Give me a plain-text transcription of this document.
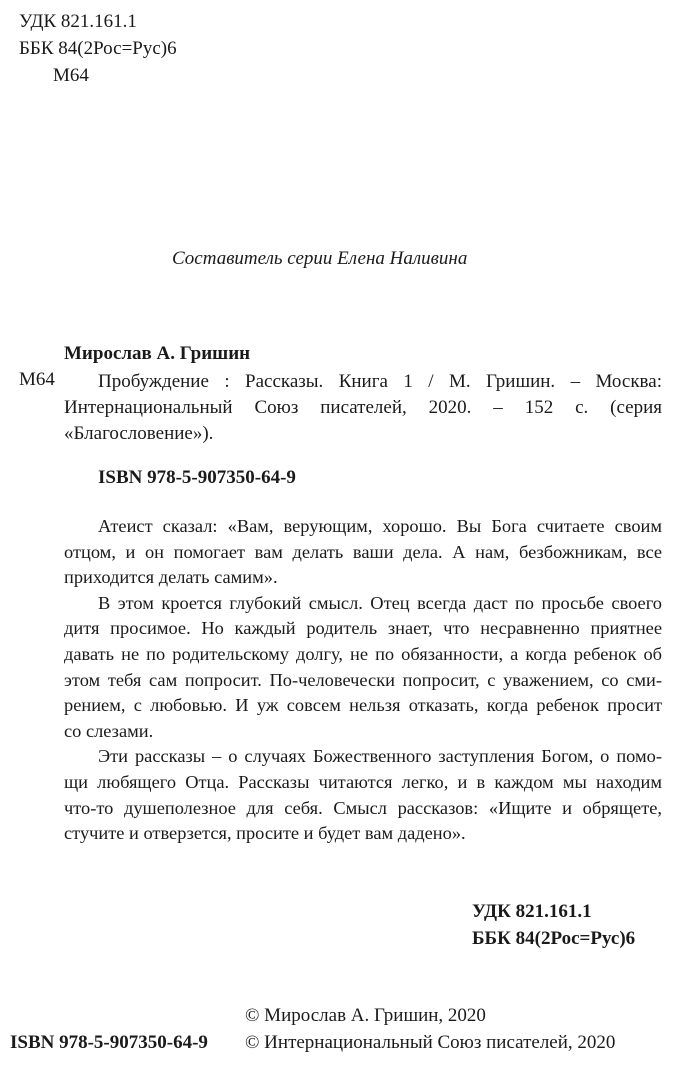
УДК 821.161.1
ББК 84(2Рос=Рус)6
М64
Составитель серии Елена Наливина
Мирослав А. Гришин
М64	Пробуждение : Рассказы. Книга 1 / М. Гришин. – Москва:
Интернациональный Союз писателей, 2020. – 152 с. (серия
«Благословение»).
ISBN 978-5-907350-64-9
Атеист сказал: «Вам, верующим, хорошо. Вы Бога считаете своим
отцом, и он помогает вам делать ваши дела. А нам, безбожникам, все
приходится делать самим».
В этом кроется глубокий смысл. Отец всегда даст по просьбе своего
дитя просимое. Но каждый родитель знает, что несравненно приятнее
давать не по родительскому долгу, не по обязанности, а когда ребенок об
этом тебя сам попросит. По-человечески попросит, с уважением, со сми-
рением, с любовью. И уж совсем нельзя отказать, когда ребенок просит
со слезами.
Эти рассказы – о случаях Божественного заступления Богом, о помо-
щи любящего Отца. Рассказы читаются легко, и в каждом мы находим
что-то душеполезное для себя. Смысл рассказов: «Ищите и обрящете,
стучите и отверзется, просите и будет вам дадено».
УДК 821.161.1
ББК 84(2Рос=Рус)6
© Мирослав А. Гришин, 2020
ISBN 978-5-907350-64-9 © Интернациональный Союз писателей, 2020
